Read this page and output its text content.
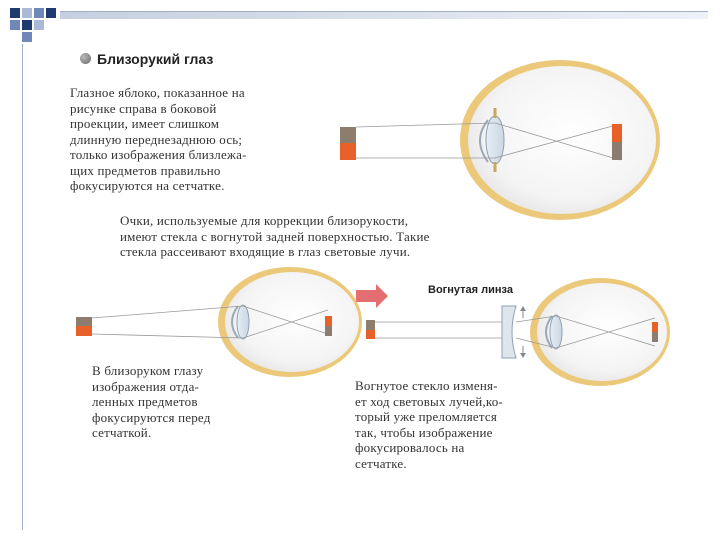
Близорукий глаз
Глазное яблоко, показанное на
рисунке справа в боковой
проекции, имеет слишком
длинную переднезаднюю ось;
только изображения близлежа-
щих предметов правильно
фокусируются на сетчатке.
Очки, используемые для коррекции близорукости,
имеют стекла с вогнутой задней поверхностью. Такие
стекла рассеивают входящие в глаз световые лучи.
Вогнутая линза
В близоруком глазу
изображения отда-
ленных предметов
фокусируются перед
сетчаткой.
Вогнутое стекло изменя-
ет ход световых лучей,ко-
торый уже преломляется
так, чтобы изображение
фокусировалось на
сетчатке.
